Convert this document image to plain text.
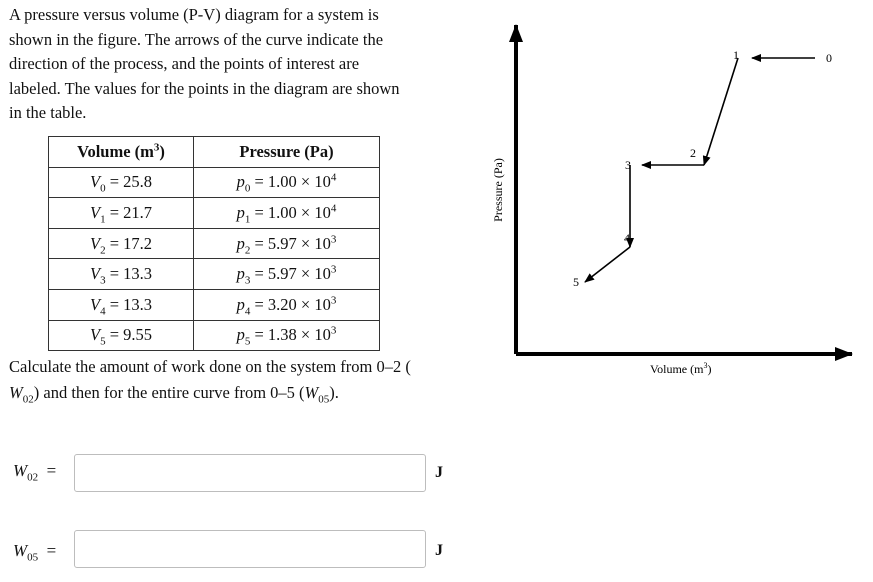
A pressure versus volume (P-V) diagram for a system is
shown in the figure. The arrows of the curve indicate the
direction of the process, and the points of interest are
labeled. The values for the points in the diagram are shown
in the table.
Volume $(m^3)$	Pressure (Pa)
$V_0 = 25.8$	$p_0 = 1.00 \times 10^4$
$V_1 = 21.7$	$p_1 = 1.00 \times 10^4$
$V_2 = 17.2$	$p_2 = 5.97 \times 10^3$
$V_3 = 13.3$	$p_3 = 5.97 \times 10^3$
$V_4 = 13.3$	$p_4 = 3.20 \times 10^3$
$V_5 = 9.55$	$p_5 = 1.38 \times 10^3$
Calculate the amount of work done on the system from 0–2 (
$W_{02}$) and then for the entire curve from 0–5 $(W_{05})$.
$W_{02}$ =	J
$W_{05}$ =	J
0
1
2
3
4
5
Pressure (Pa)
Volume $(m^3)$
